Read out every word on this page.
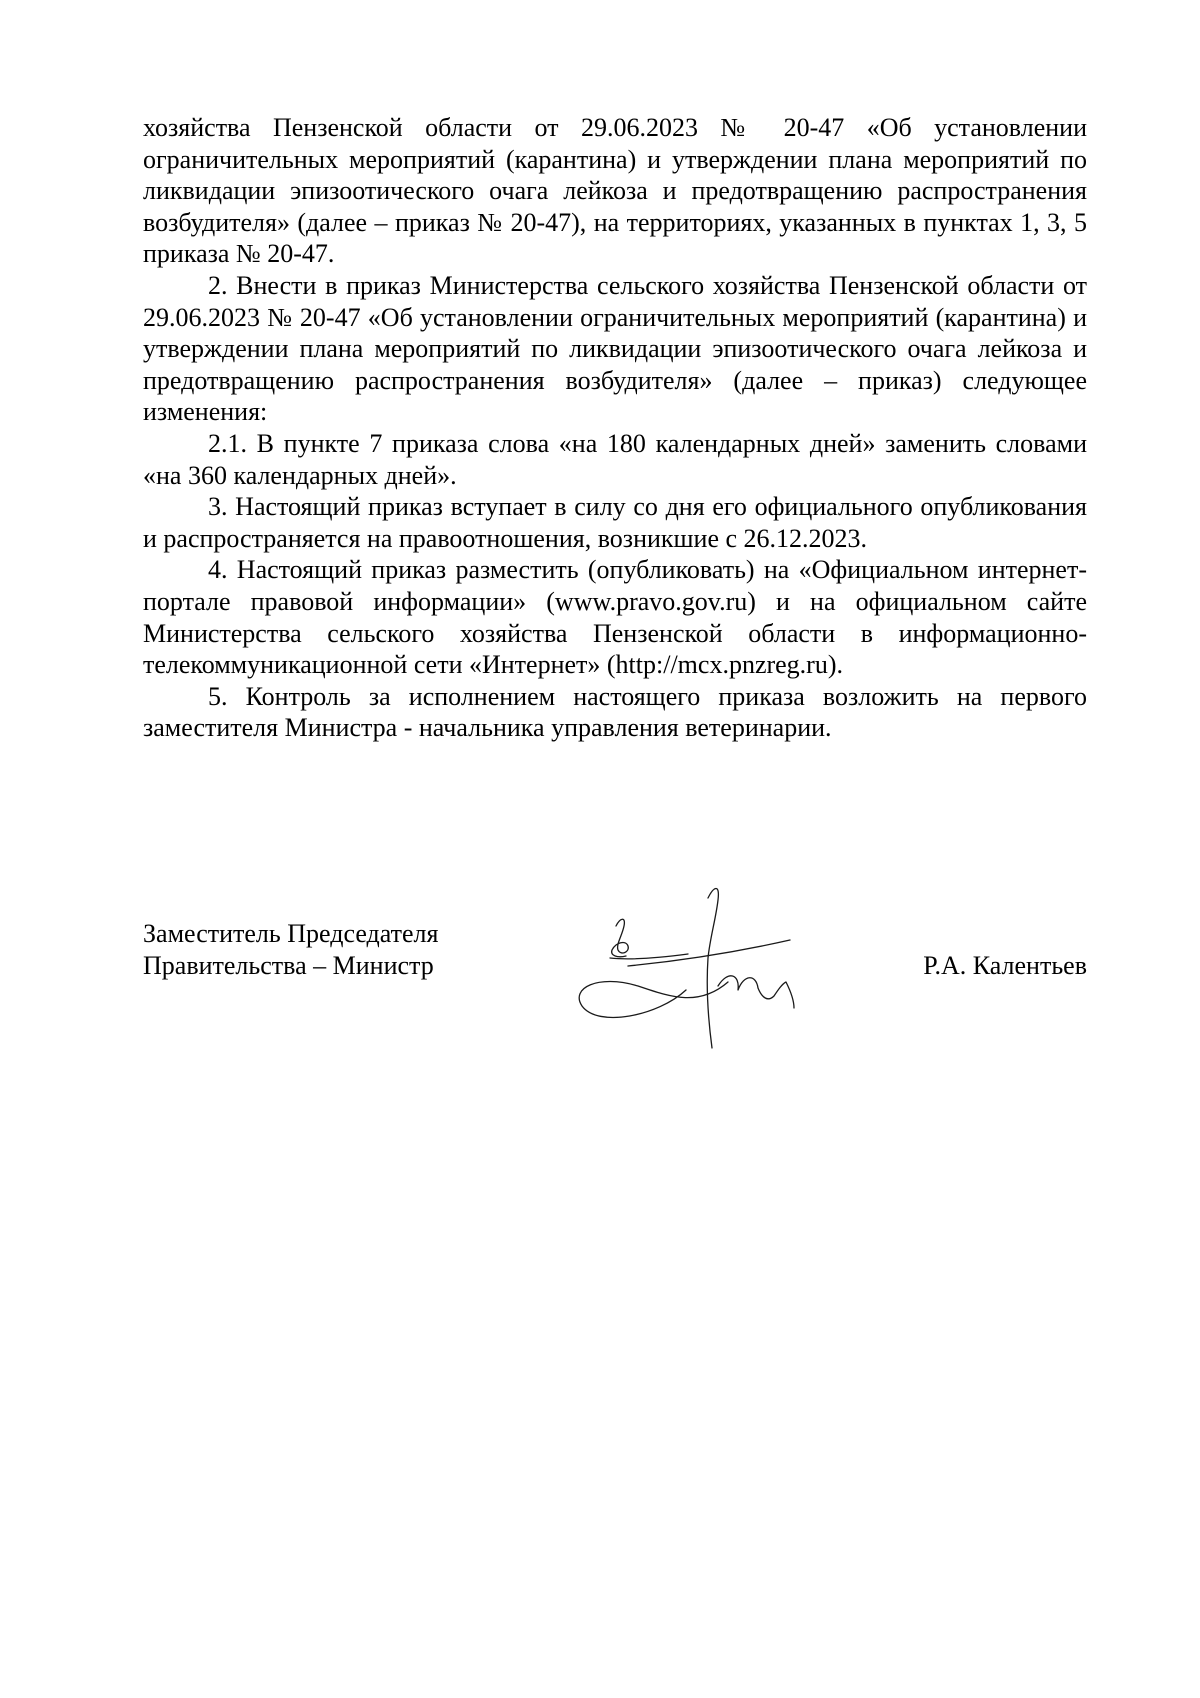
хозяйства Пензенской области от 29.06.2023 № 20-47 «Об установлении ограничительных мероприятий (карантина) и утверждении плана мероприятий по ликвидации эпизоотического очага лейкоза и предотвращению распространения возбудителя» (далее – приказ № 20-47), на территориях, указанных в пунктах 1, 3, 5 приказа № 20-47.

2. Внести в приказ Министерства сельского хозяйства Пензенской области от 29.06.2023 № 20-47 «Об установлении ограничительных мероприятий (карантина) и утверждении плана мероприятий по ликвидации эпизоотического очага лейкоза и предотвращению распространения возбудителя» (далее – приказ) следующее изменения:

2.1. В пункте 7 приказа слова «на 180 календарных дней» заменить словами «на 360 календарных дней».

3. Настоящий приказ вступает в силу со дня его официального опубликования и распространяется на правоотношения, возникшие с 26.12.2023.

4. Настоящий приказ разместить (опубликовать) на «Официальном интернет-портале правовой информации» (www.pravo.gov.ru) и на официальном сайте Министерства сельского хозяйства Пензенской области в информационно-телекоммуникационной сети «Интернет» (http://mcx.pnzreg.ru).

5. Контроль за исполнением настоящего приказа возложить на первого заместителя Министра - начальника управления ветеринарии.

Заместитель Председателя
Правительства – Министр	Р.А. Калентьев
